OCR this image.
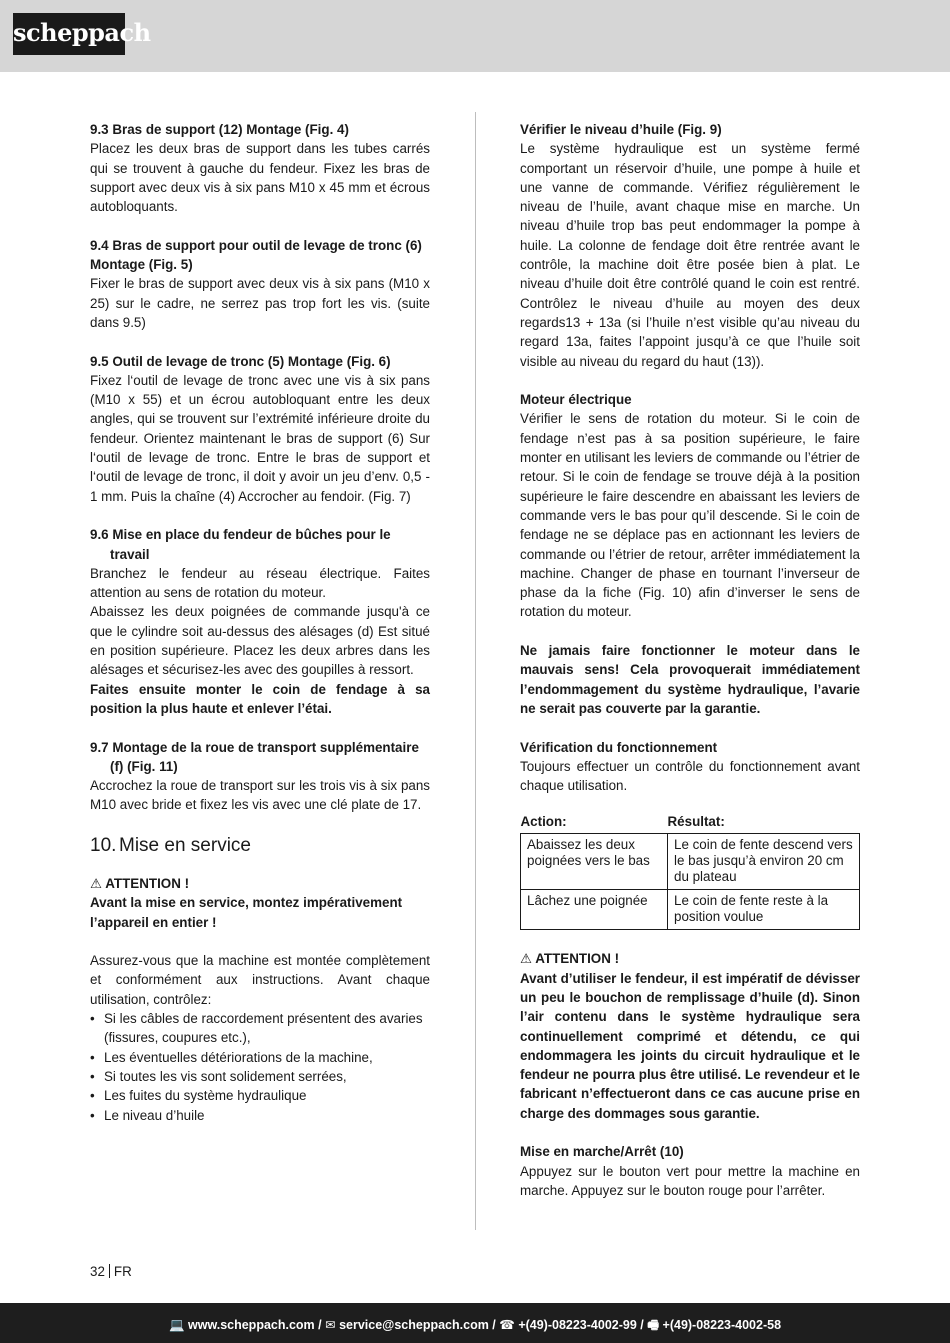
scheppach
9.3 Bras de support (12) Montage (Fig. 4)

Placez les deux bras de support dans les tubes carrés qui se trouvent à gauche du fendeur. Fixez les bras de support avec deux vis à six pans M10 x 45 mm et écrous autobloquants.

9.4 Bras de support pour outil de levage de tronc (6) Montage (Fig. 5)

Fixer le bras de support avec deux vis à six pans (M10 x 25) sur le cadre, ne serrez pas trop fort les vis. (suite dans 9.5)

9.5 Outil de levage de tronc (5) Montage (Fig. 6)

Fixez l‘outil de levage de tronc avec une vis à six pans (M10 x 55) et un écrou autobloquant entre les deux angles, qui se trouvent sur l’extrémité inférieure droite du fendeur. Orientez maintenant le bras de support (6) Sur l‘outil de levage de tronc. Entre le bras de support et l‘outil de levage de tronc, il doit y avoir un jeu d’env. 0,5 - 1 mm. Puis la chaîne (4) Accrocher au fendoir. (Fig. 7)

9.6 Mise en place du fendeur de bûches pour le travail

Branchez le fendeur au réseau électrique. Faites attention au sens de rotation du moteur.

Abaissez les deux poignées de commande jusqu'à ce que le cylindre soit au-dessus des alésages (d) Est situé en position supérieure. Placez les deux arbres dans les alésages et sécurisez-les avec des goupilles à ressort.

Faites ensuite monter le coin de fendage à sa position la plus haute et enlever l’étai.

9.7 Montage de la roue de transport supplémentaire (f) (Fig. 11)

Accrochez la roue de transport sur les trois vis à six pans M10 avec bride et fixez les vis avec une clé plate de 17.

10. Mise en service
⚠ ATTENTION !

Avant la mise en service, montez impérativement l’appareil en entier !

Assurez-vous que la machine est montée complètement et conformément aux instructions. Avant chaque utilisation, contrôlez:

• Si les câbles de raccordement présentent des avaries (fissures, coupures etc.),
• Les éventuelles détériorations de la machine,
• Si toutes les vis sont solidement serrées,
• Les fuites du système hydraulique
• Le niveau d’huile
Vérifier le niveau d’huile (Fig. 9)

Le système hydraulique est un système fermé comportant un réservoir d’huile, une pompe à huile et une vanne de commande. Vérifiez régulièrement le niveau de l’huile, avant chaque mise en marche. Un niveau d’huile trop bas peut endommager la pompe à huile. La colonne de fendage doit être rentrée avant le contrôle, la machine doit être posée bien à plat. Le niveau d’huile doit être contrôlé quand le coin est rentré. Contrôlez le niveau d’huile au moyen des deux regards13 + 13a (si l’huile n’est visible qu’au niveau du regard 13a, faites l’appoint jusqu’à ce que l’huile soit visible au niveau du regard du haut (13)).

Moteur électrique

Vérifier le sens de rotation du moteur. Si le coin de fendage n’est pas à sa position supérieure, le faire monter en utilisant les leviers de commande ou l’étrier de retour. Si le coin de fendage se trouve déjà à la position supérieure le faire descendre en abaissant les leviers de commande vers le bas pour qu’il descende. Si le coin de fendage ne se déplace pas en actionnant les leviers de commande ou l’étrier de retour, arrêter immédiatement la machine. Changer de phase en tournant l’inverseur de phase da la fiche (Fig. 10) afin d’inverser le sens de rotation du moteur.

Ne jamais faire fonctionner le moteur dans le mauvais sens! Cela provoquerait immédiatement l’endommagement du système hydraulique, l’avarie ne serait pas couverte par la garantie.

Vérification du fonctionnement

Toujours effectuer un contrôle du fonctionnement avant chaque utilisation.

Action:	Résultat:
Abaissez les deux poignées vers le bas	Le coin de fente descend vers le bas jusqu’à environ 20 cm du plateau
Lâchez une poignée	Le coin de fente reste à la position voulue
⚠ ATTENTION !

Avant d’utiliser le fendeur, il est impératif de dévisser un peu le bouchon de remplissage d’huile (d). Sinon l’air contenu dans le système hydraulique sera continuellement comprimé et détendu, ce qui endommagera les joints du circuit hydraulique et le fendeur ne pourra plus être utilisé. Le revendeur et le fabricant n’effectueront dans ce cas aucune prise en charge des dommages sous garantie.

Mise en marche/Arrêt (10)

Appuyez sur le bouton vert pour mettre la machine en marche. Appuyez sur le bouton rouge pour l’arrêter.

32 FR
💻 www.scheppach.com / ✉ service@scheppach.com / ☎ +(49)-08223-4002-99 / 🖷 +(49)-08223-4002-58
